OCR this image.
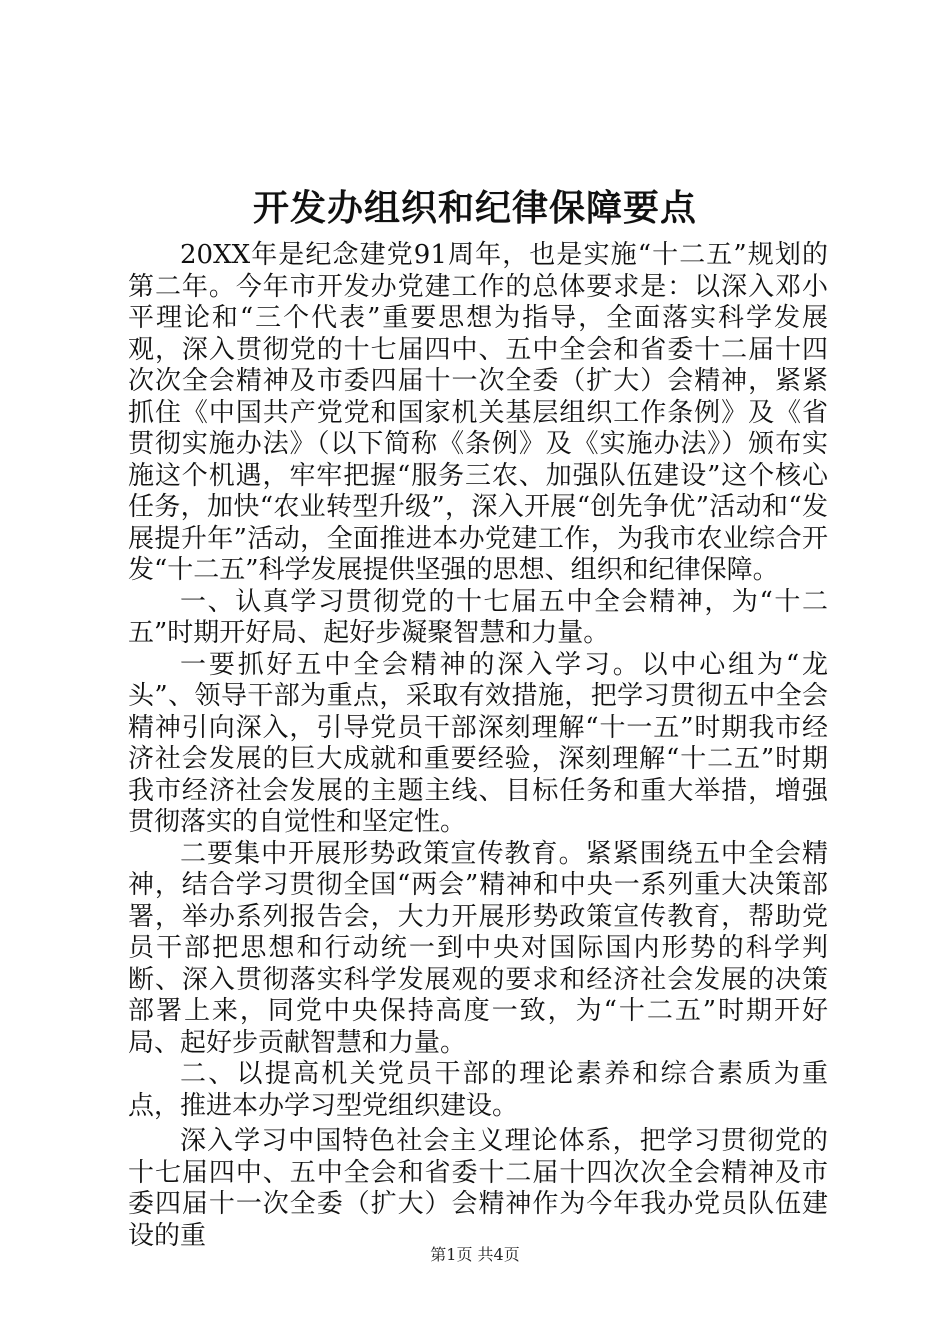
开发办组织和纪律保障要点

20XX年是纪念建党91周年，也是实施“十二五”规划的第二年。今年市开发办党建工作的总体要求是：以深入邓小平理论和“三个代表”重要思想为指导，全面落实科学发展观，深入贯彻党的十七届四中、五中全会和省委十二届十四次次全会精神及市委四届十一次全委（扩大）会精神，紧紧抓住《中国共产党党和国家机关基层组织工作条例》及《省贯彻实施办法》（以下简称《条例》及《实施办法》）颁布实施这个机遇，牢牢把握“服务三农、加强队伍建设”这个核心任务，加快“农业转型升级”，深入开展“创先争优”活动和“发展提升年”活动，全面推进本办党建工作，为我市农业综合开发“十二五”科学发展提供坚强的思想、组织和纪律保障。

一、认真学习贯彻党的十七届五中全会精神，为“十二五”时期开好局、起好步凝聚智慧和力量。

一要抓好五中全会精神的深入学习。以中心组为“龙头”、领导干部为重点，采取有效措施，把学习贯彻五中全会精神引向深入，引导党员干部深刻理解“十一五”时期我市经济社会发展的巨大成就和重要经验，深刻理解“十二五”时期我市经济社会发展的主题主线、目标任务和重大举措，增强贯彻落实的自觉性和坚定性。

二要集中开展形势政策宣传教育。紧紧围绕五中全会精神，结合学习贯彻全国“两会”精神和中央一系列重大决策部署，举办系列报告会，大力开展形势政策宣传教育，帮助党员干部把思想和行动统一到中央对国际国内形势的科学判断、深入贯彻落实科学发展观的要求和经济社会发展的决策部署上来，同党中央保持高度一致，为“十二五”时期开好局、起好步贡献智慧和力量。

二、以提高机关党员干部的理论素养和综合素质为重点，推进本办学习型党组织建设。

深入学习中国特色社会主义理论体系，把学习贯彻党的十七届四中、五中全会和省委十二届十四次次全会精神及市委四届十一次全委（扩大）会精神作为今年我办党员队伍建设的重

第1页 共4页
